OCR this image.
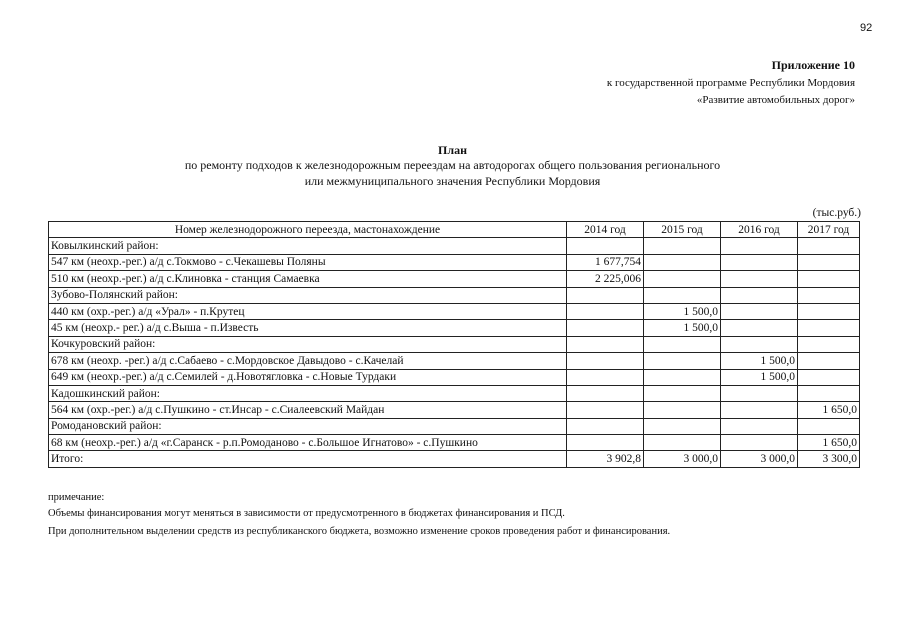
92
Приложение 10
к государственной программе Республики Мордовия
«Развитие автомобильных дорог»
План
по ремонту подходов к железнодорожным переездам на автодорогах общего пользования регионального
или межмуниципального значения Республики Мордовия
(тыс.руб.)
Номер железнодорожного переезда, мастонахождение	2014 год	2015 год	2016 год	2017 год
Ковылкинский район:				
547 км (неохр.-рег.) а/д с.Токмово - с.Чекашевы Поляны	1 677,754			
510 км (неохр.-рег.) а/д с.Клиновка - станция Самаевка	2 225,006			
Зубово-Полянский район:				
440 км (охр.-рег.) а/д «Урал» - п.Крутец		1 500,0		
45 км (неохр.- рег.) а/д с.Выша - п.Известь		1 500,0		
Кочкуровский район:				
678 км (неохр. -рег.) а/д с.Сабаево - с.Мордовское Давыдово - с.Качелай			1 500,0	
649 км (неохр.-рег.) а/д с.Семилей - д.Новотягловка - с.Новые Турдаки			1 500,0	
Кадошкинский район:				
564 км (охр.-рег.) а/д с.Пушкино - ст.Инсар - с.Сиалеевский Майдан				1 650,0
Ромодановский район:				
68 км (неохр.-рег.) а/д «г.Саранск - р.п.Ромоданово - с.Большое Игнатово» - с.Пушкино				1 650,0
Итого:	3 902,8	3 000,0	3 000,0	3 300,0
примечание:
Объемы финансирования могут меняться в зависимости от предусмотренного в бюджетах финансирования и ПСД.
При дополнительном выделении средств из республиканского бюджета, возможно изменение сроков проведения работ и финансирования.
